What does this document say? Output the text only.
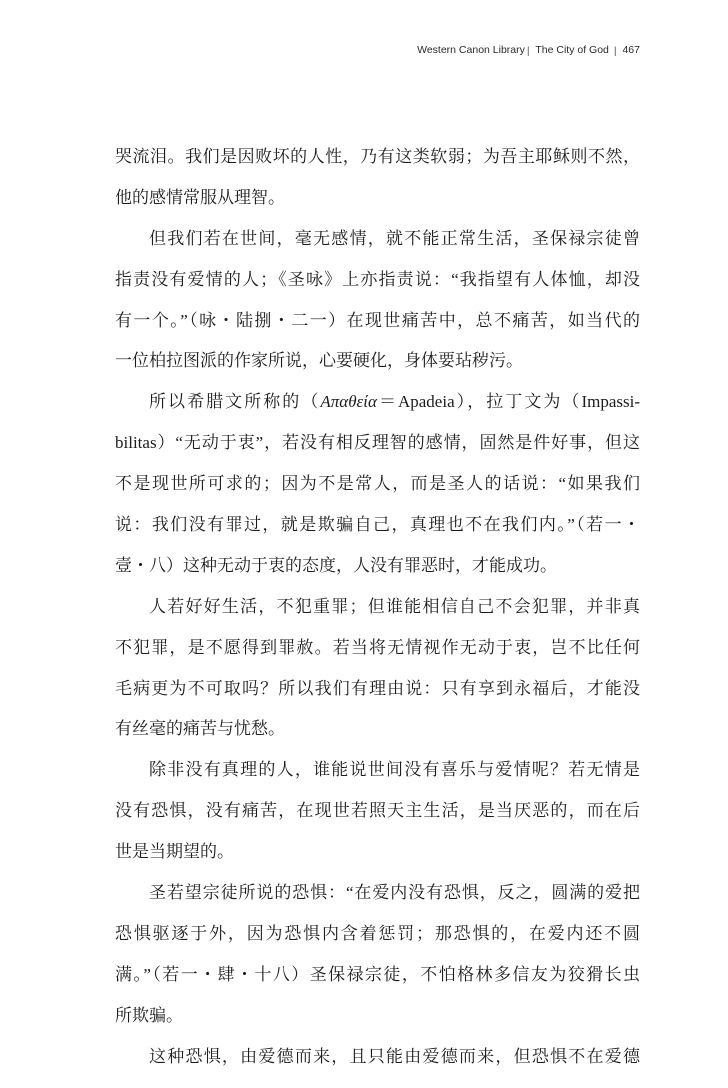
Western Canon Library | The City of God | 467
哭流泪。我们是因败坏的人性，乃有这类软弱；为吾主耶稣则不然，
他的感情常服从理智。
但我们若在世间，毫无感情，就不能正常生活，圣保禄宗徒曾
指责没有爱情的人；《圣咏》上亦指责说：“我指望有人体恤，却没
有一个。”（咏・陆捌・二一）在现世痛苦中，总不痛苦，如当代的
一位柏拉图派的作家所说，心要硬化，身体要玷秽污。
所以希腊文所称的（Απαθεία＝Apadeia），拉丁文为（Impassi-
bilitas）“无动于衷”，若没有相反理智的感情，固然是件好事，但这
不是现世所可求的；因为不是常人，而是圣人的话说：“如果我们
说：我们没有罪过，就是欺骗自己，真理也不在我们内。”（若一・
壹・八）这种无动于衷的态度，人没有罪恶时，才能成功。
人若好好生活，不犯重罪；但谁能相信自己不会犯罪，并非真
不犯罪，是不愿得到罪赦。若当将无情视作无动于衷，岂不比任何
毛病更为不可取吗？所以我们有理由说：只有享到永福后，才能没
有丝毫的痛苦与忧愁。
除非没有真理的人，谁能说世间没有喜乐与爱情呢？若无情是
没有恐惧，没有痛苦，在现世若照天主生活，是当厌恶的，而在后
世是当期望的。
圣若望宗徒所说的恐惧：“在爱内没有恐惧，反之，圆满的爱把
恐惧驱逐于外，因为恐惧内含着惩罚；那恐惧的，在爱内还不圆
满。”（若一・肆・十八）圣保禄宗徒，不怕格林多信友为狡猾长虫
所欺骗。
这种恐惧，由爱德而来，且只能由爱德而来，但恐惧不在爱德
